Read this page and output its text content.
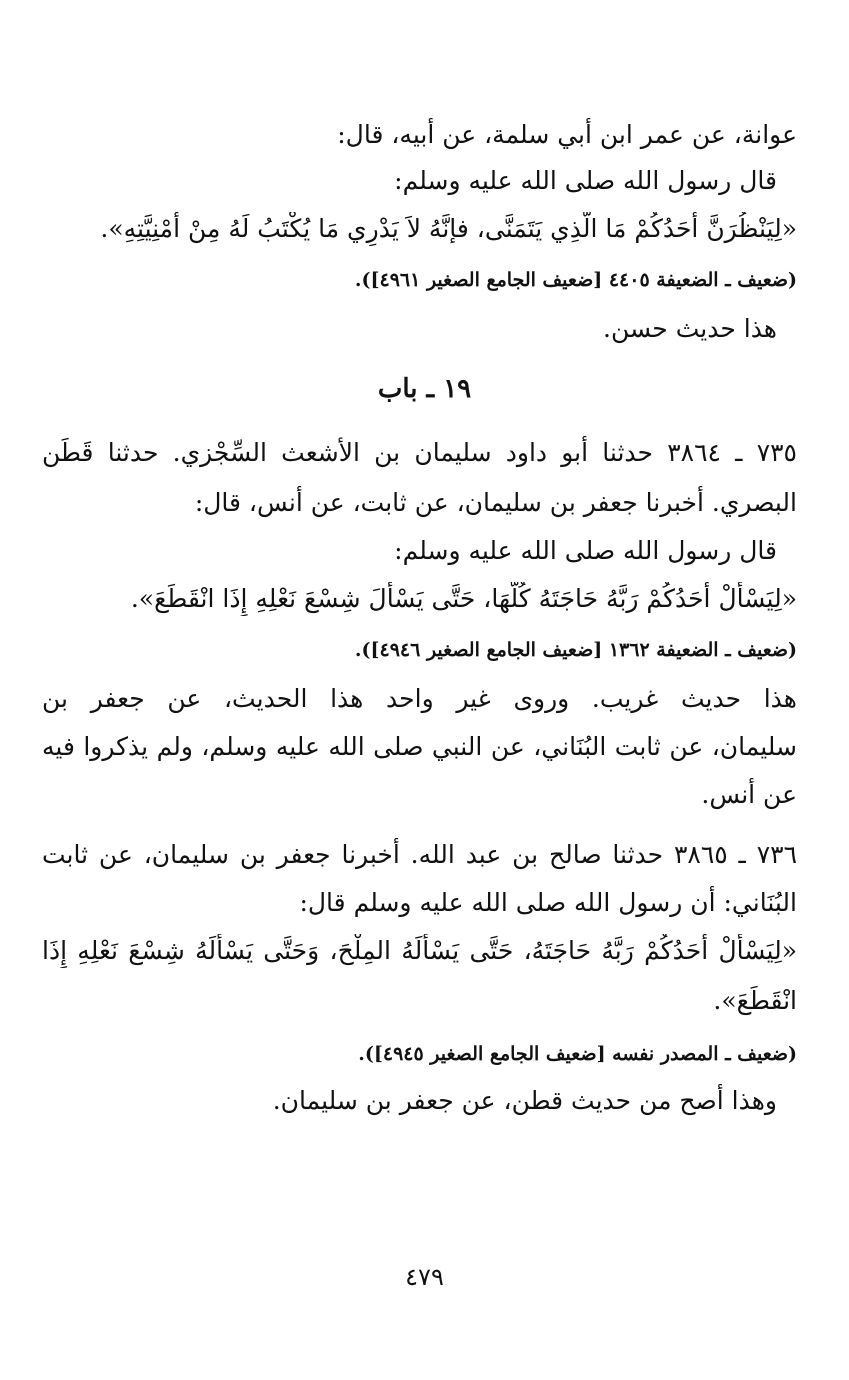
عوانة، عن عمر ابن أبي سلمة، عن أبيه، قال:
قال رسول الله صلى الله عليه وسلم:
«لِيَنْظُرَنَّ أَحَدُكُمْ مَا الَّذِي يَتَمَنَّى، فإنَّهُ لاَ يَدْرِي مَا يُكْتَبُ لَهُ مِنْ أُمْنِيَّتِهِ».
(ضعيف ـ الضعيفة ٤٤٠٥ [ضعيف الجامع الصغير ٤٩٦١]).
هذا حديث حسن.
١٩ ـ باب
٧٣٥ ـ ٣٨٦٤ حدثنا أبو داود سليمان بن الأشعث السِّجْزي. حدثنا قَطَن
البصري. أخبرنا جعفر بن سليمان، عن ثابت، عن أنس، قال:
قال رسول الله صلى الله عليه وسلم:
«لِيَسْأَلْ أَحَدُكُمْ رَبَّهُ حَاجَتَهُ كُلَّهَا، حَتَّى يَسْأَلَ شِسْعَ نَعْلِهِ إِذَا انْقَطَعَ».
(ضعيف ـ الضعيفة ١٣٦٢ [ضعيف الجامع الصغير ٤٩٤٦]).
هذا حديث غريب. وروى غير واحد هذا الحديث، عن جعفر بن
سليمان، عن ثابت البُنَاني، عن النبي صلى الله عليه وسلم، ولم يذكروا فيه
عن أنس.
٧٣٦ ـ ٣٨٦٥ حدثنا صالح بن عبد الله. أخبرنا جعفر بن سليمان، عن ثابت
البُنَاني: أن رسول الله صلى الله عليه وسلم قال:
«لِيَسْأَلْ أَحَدُكُمْ رَبَّهُ حَاجَتَهُ، حَتَّى يَسْأَلَهُ المِلْحَ، وَحَتَّى يَسْأَلَهُ شِسْعَ نَعْلِهِ إِذَا
انْقَطَعَ».
(ضعيف ـ المصدر نفسه [ضعيف الجامع الصغير ٤٩٤٥]).
وهذا أصح من حديث قطن، عن جعفر بن سليمان.
٤٧٩
